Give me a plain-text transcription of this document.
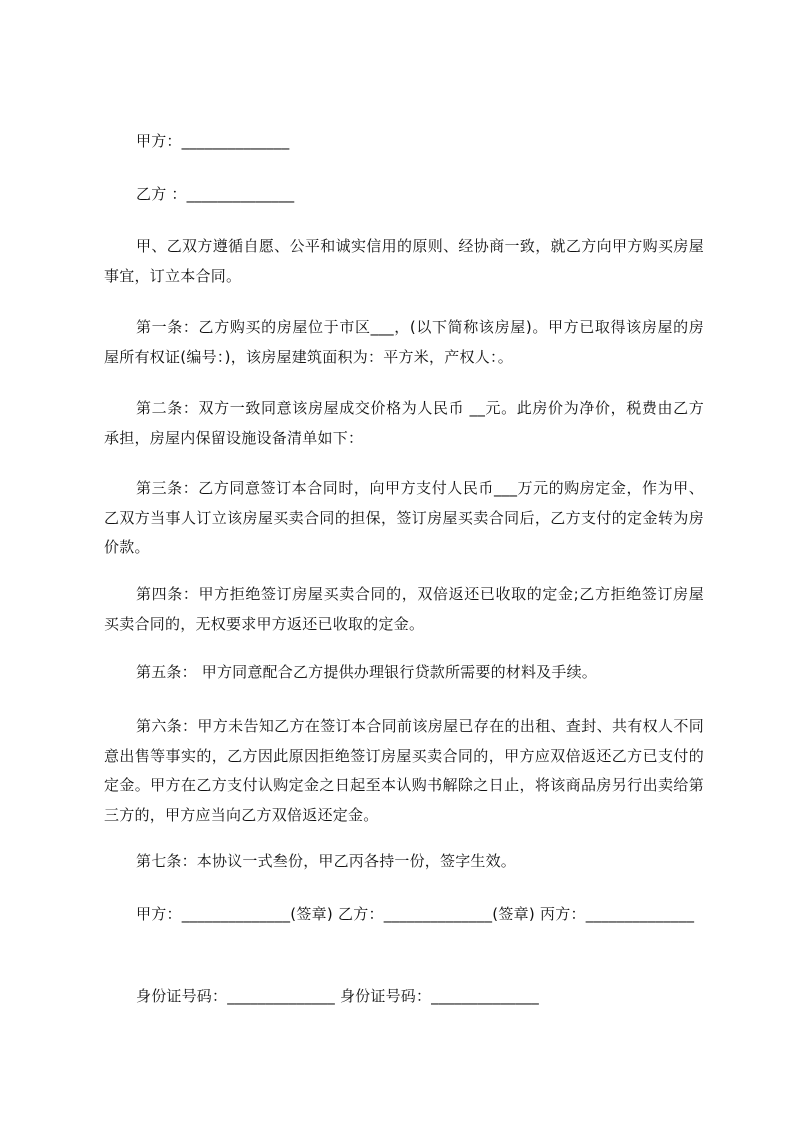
甲方：______________
乙方 ：______________
甲、乙双方遵循自愿、公平和诚实信用的原则、经协商一致，就乙方向甲方购买房屋事宜，订立本合同。
第一条：乙方购买的房屋位于市区___，(以下简称该房屋)。甲方已取得该房屋的房屋所有权证(编号：)，该房屋建筑面积为：平方米，产权人：。
第二条：双方一致同意该房屋成交价格为人民币 __元。此房价为净价，税费由乙方承担，房屋内保留设施设备清单如下：
第三条：乙方同意签订本合同时，向甲方支付人民币___万元的购房定金，作为甲、乙双方当事人订立该房屋买卖合同的担保，签订房屋买卖合同后，乙方支付的定金转为房价款。
第四条：甲方拒绝签订房屋买卖合同的，双倍返还已收取的定金;乙方拒绝签订房屋买卖合同的，无权要求甲方返还已收取的定金。
第五条： 甲方同意配合乙方提供办理银行贷款所需要的材料及手续。
第六条：甲方未告知乙方在签订本合同前该房屋已存在的出租、查封、共有权人不同意出售等事实的，乙方因此原因拒绝签订房屋买卖合同的，甲方应双倍返还乙方已支付的定金。甲方在乙方支付认购定金之日起至本认购书解除之日止，将该商品房另行出卖给第三方的，甲方应当向乙方双倍返还定金。
第七条：本协议一式叁份，甲乙丙各持一份，签字生效。
甲方：______________(签章) 乙方：______________(签章) 丙方：______________
身份证号码：______________ 身份证号码：______________
